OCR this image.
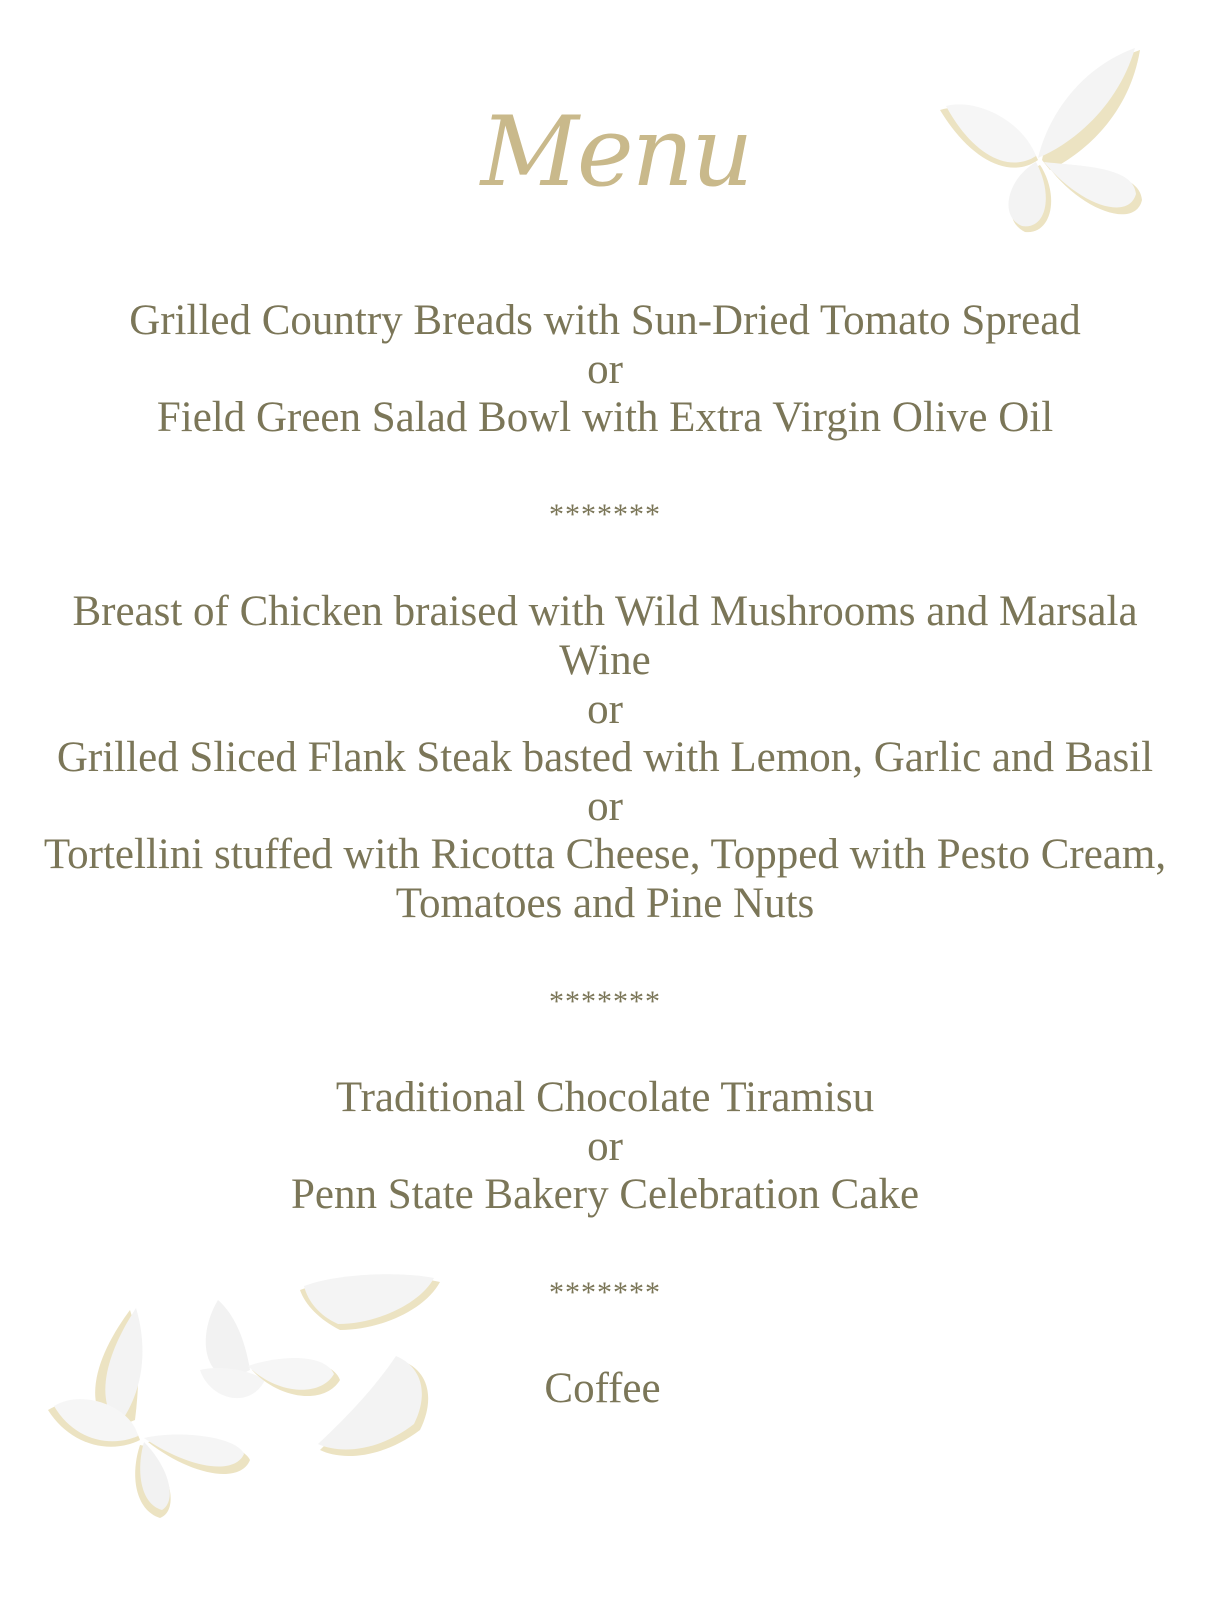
Menu
Grilled Country Breads with Sun-Dried Tomato Spread
or
Field Green Salad Bowl with Extra Virgin Olive Oil
*******
Breast of Chicken braised with Wild Mushrooms and Marsala
Wine
or
Grilled Sliced Flank Steak basted with Lemon, Garlic and Basil
or
Tortellini stuffed with Ricotta Cheese, Topped with Pesto Cream,
Tomatoes and Pine Nuts
*******
Traditional Chocolate Tiramisu
or
Penn State Bakery Celebration Cake
*******
Coffee
